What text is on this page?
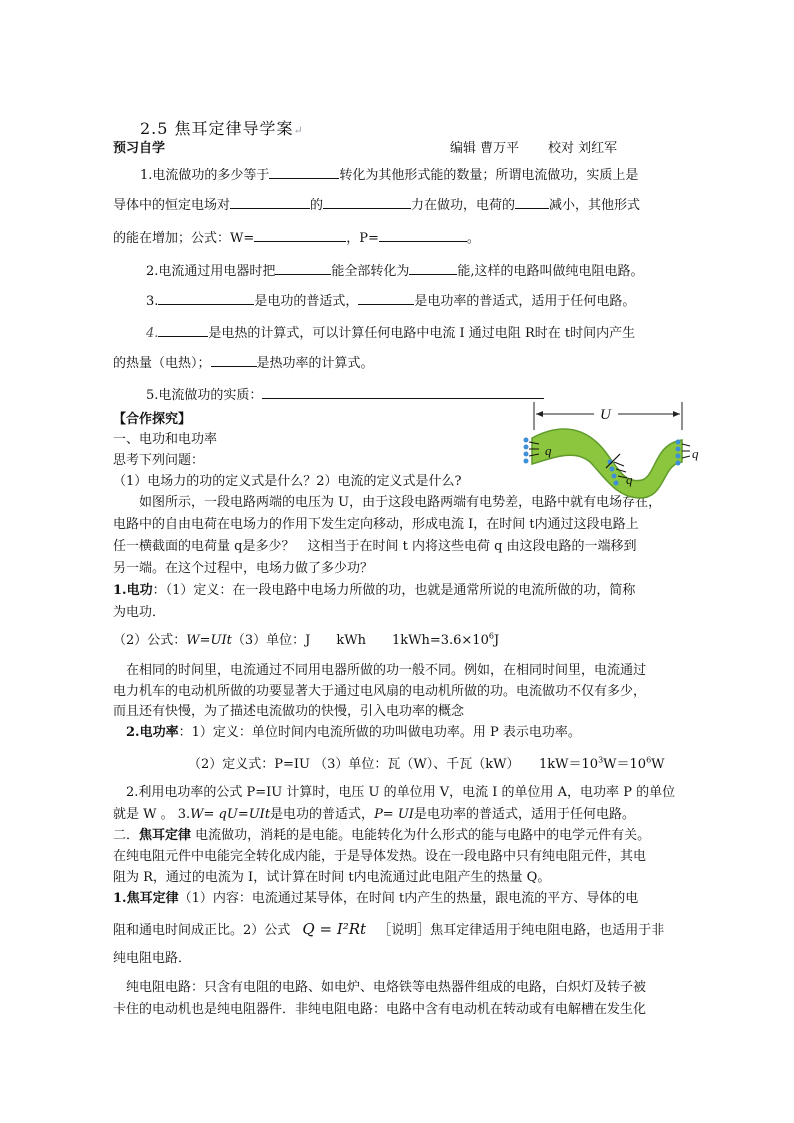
2.5 焦耳定律导学案↵
预习自学	编辑 曹万平 校对 刘红军
1.电流做功的多少等于	转化为其他形式能的数量；所谓电流做功，实质上是
导体中的恒定电场对	的	力在做功，电荷的	减小，其他形式
的能在增加；公式：W=	，P=	。
2.电流通过用电器时把	能全部转化为	能,这样的电路叫做纯电阻电路。
3.	是电功的普适式，	是电功率的普适式，适用于任何电路。
4.	是电热的计算式，可以计算任何电路中电流 I 通过电阻 R时在 t时间内产生
的热量（电热）；	是热功率的计算式。
5.电流做功的实质：
【合作探究】
一、电功和电功率
思考下列问题：
（1）电场力的功的定义式是什么？2）电流的定义式是什么?
　　如图所示，一段电路两端的电压为 U，由于这段电路两端有电势差，电路中就有电场存在，
电路中的自由电荷在电场力的作用下发生定向移动，形成电流 I，在时间 t内通过这段电路上
任一横截面的电荷量 q是多少？　这相当于在时间 t 内将这些电荷 q 由这段电路的一端移到
另一端。在这个过程中，电场力做了多少功？
1.电功：（1）定义：在一段电路中电场力所做的功，也就是通常所说的电流所做的功，简称
为电功．
（2）公式：W=UIt（3）单位：J　　kWh　　$1kWh=3.6\times 10^6J$
　在相同的时间里，电流通过不同用电器所做的功一般不同。例如，在相同时间里，电流通过
电力机车的电动机所做的功要显著大于通过电风扇的电动机所做的功。电流做功不仅有多少，
而且还有快慢，为了描述电流做功的快慢，引入电功率的概念
　2.电功率：1）定义：单位时间内电流所做的功叫做电功率。用 P 表示电功率。
（2）定义式：P=IU （3）单位：瓦（W）、千瓦（kW）　　$1kW=10^3W=10^6W$
　2.利用电功率的公式 P=IU 计算时，电压 U 的单位用 V，电流 I 的单位用 A，电功率 P 的单位
就是 W 。 3.W= qU=UIt是电功的普适式，P= UI是电功率的普适式，适用于任何电路。
二．焦耳定律 电流做功，消耗的是电能。电能转化为什么形式的能与电路中的电学元件有关。
在纯电阻元件中电能完全转化成内能，于是导体发热。设在一段电路中只有纯电阻元件，其电
阻为 R，通过的电流为 I，试计算在时间 t内电流通过此电阻产生的热量 Q。
1.焦耳定律（1）内容：电流通过某导体，在时间 t内产生的热量，跟电流的平方、导体的电
阻和通电时间成正比。2）公式 Q = I²Rt ［说明］焦耳定律适用于纯电阻电路，也适用于非
纯电阻电路．
　纯电阻电路：只含有电阻的电路、如电炉、电烙铁等电热器件组成的电路，白炽灯及转子被
卡住的电动机也是纯电阻器件．非纯电阻电路：电路中含有电动机在转动或有电解槽在发生化
U
q
q
q
